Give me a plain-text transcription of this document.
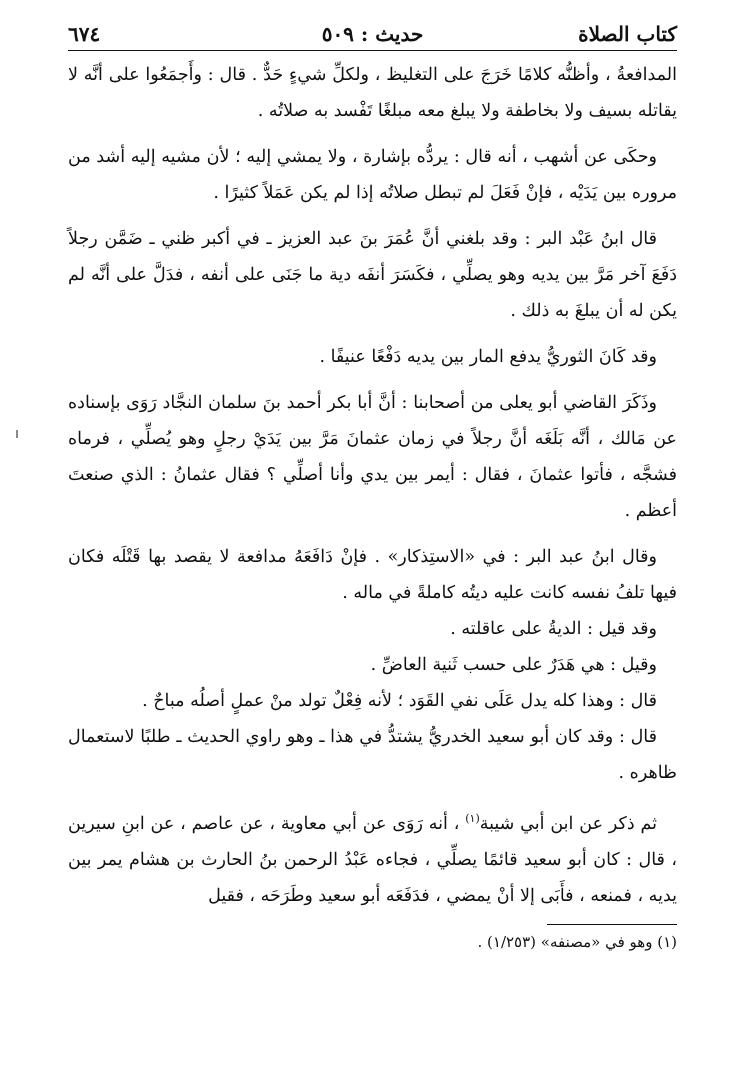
كتاب الصلاة
حديث : ٥٠٩
٦٧٤

المدافعةُ ، وأظنُّه كلامًا خَرَجَ على التغليظ ، ولكلِّ شيءٍ حَدٌّ . قال : وأَجمَعُوا على أنَّه لا يقاتله بسيف ولا بخاطفة ولا يبلغ معه مبلغًا تَفْسد به صلاتُه .

وحكَى عن أشهب ، أنه قال : يردُّه بإشارة ، ولا يمشي إليه ؛ لأن مشيه إليه أشد من مروره بين يَدَيْه ، فإنْ فَعَلَ لم تبطل صلاتُه إذا لم يكن عَمَلاً كثيرًا .

قال ابنُ عَبْد البر : وقد بلغني أنَّ عُمَرَ بنَ عبد العزيز ـ في أكبر ظني ـ ضَمَّن رجلاً دَفَعَ آخر مَرَّ بين يديه وهو يصلِّي ، فكَسَرَ أنفَه دية ما جَنَى على أنفه ، فدَلَّ على أنَّه لم يكن له أن يبلغَ به ذلك .

وقد كَانَ الثوريُّ يدفع المار بين يديه دَفْعًا عنيفًا .

وذَكَرَ القاضي أبو يعلى من أصحابنا : أنَّ أبا بكر أحمد بنَ سلمان النجَّاد رَوَى بإسناده عن مَالك ، أنَّه بَلَغَه أنَّ رجلاً في زمان عثمانَ مَرَّ بين يَدَيْ رجلٍ وهو يُصلِّي ، فرماه فشجَّه ، فأتوا عثمانَ ، فقال : أيمر بين يدي وأنا أصلِّي ؟ فقال عثمانُ : الذي صنعتَ أعظم .

وقال ابنُ عبد البر : في «الاستِذكار» . فإنْ دَافَعَهُ مدافعة لا يقصد بها قَتْلَه فكان فيها تلفُ نفسه كانت عليه ديتُه كاملةً في ماله .

وقد قيل : الديةُ على عاقلته .

وقيل : هي هَدَرٌ على حسب ثَنية العاضِّ .

قال : وهذا كله يدل عَلَى نفي القَوَد ؛ لأنه فِعْلٌ تولد منْ عملٍ أصلُه مباحٌ .

قال : وقد كان أبو سعيد الخدريُّ يشتدُّ في هذا ـ وهو راوي الحديث ـ طلبًا لاستعمال ظاهره .

ثم ذكر عن ابن أبي شيبة$^{(١)}$ ، أنه رَوَى عن أبي معاوية ، عن عاصم ، عن ابنِ سيرين ، قال : كان أبو سعيد قائمًا يصلِّي ، فجاءه عَبْدُ الرحمن بنُ الحارث بن هشام يمر بين يديه ، فمنعه ، فأَبَى إلا أنْ يمضي ، فدَفَعَه أبو سعيد وطَرَحَه ، فقيل

(١) وهو في «مصنفه» (١/٢٥٣) .
